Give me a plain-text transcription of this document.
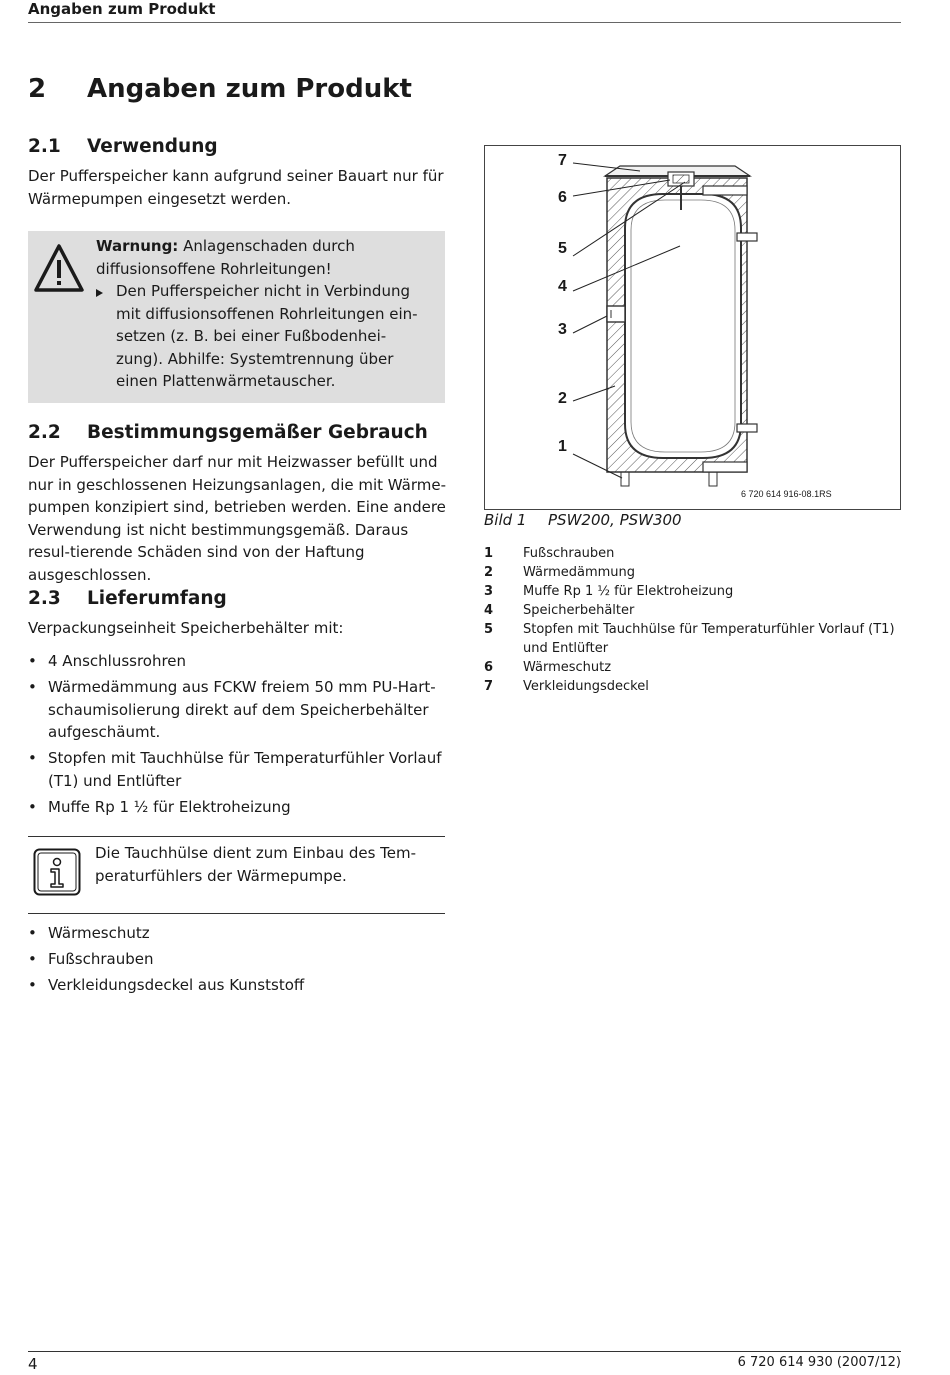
Angaben zum Produkt
2 Angaben zum Produkt
2.1 Verwendung

Der Pufferspeicher kann aufgrund seiner Bauart nur für Wärmepumpen eingesetzt werden.

Warnung: Anlagenschaden durch diffusionsoffene Rohrleitungen!
Den Pufferspeicher nicht in Verbindung mit diffusionsoffenen Rohrleitungen ein-setzen (z. B. bei einer Fußbodenhei-zung). Abhilfe: Systemtrennung über einen Plattenwärmetauscher.
2.2 Bestimmungsgemäßer Gebrauch

Der Pufferspeicher darf nur mit Heizwasser befüllt und nur in geschlossenen Heizungsanlagen, die mit Wärme-pumpen konzipiert sind, betrieben werden. Eine andere Verwendung ist nicht bestimmungsgemäß. Daraus resul-tierende Schäden sind von der Haftung ausgeschlossen.

2.3 Lieferumfang

Verpackungseinheit Speicherbehälter mit:

• 4 Anschlussrohren
• Wärmedämmung aus FCKW freiem 50 mm PU-Hart-schaumisolierung direkt auf dem Speicherbehälter aufgeschäumt.
• Stopfen mit Tauchhülse für Temperaturfühler Vorlauf (T1) und Entlüfter
• Muffe Rp 1 ½ für Elektroheizung

Die Tauchhülse dient zum Einbau des Tem-peraturfühlers der Wärmepumpe.

• Wärmeschutz
• Fußschrauben
• Verkleidungsdeckel aus Kunststoff
7
6
5
4
3
2
1
6 720 614 916-08.1RS
Bild 1 PSW200, PSW300
1 Fußschrauben
2 Wärmedämmung
3 Muffe Rp 1 ½ für Elektroheizung
4 Speicherbehälter
5 Stopfen mit Tauchhülse für Temperaturfühler Vorlauf (T1) und Entlüfter
6 Wärmeschutz
7 Verkleidungsdeckel
4	6 720 614 930 (2007/12)
